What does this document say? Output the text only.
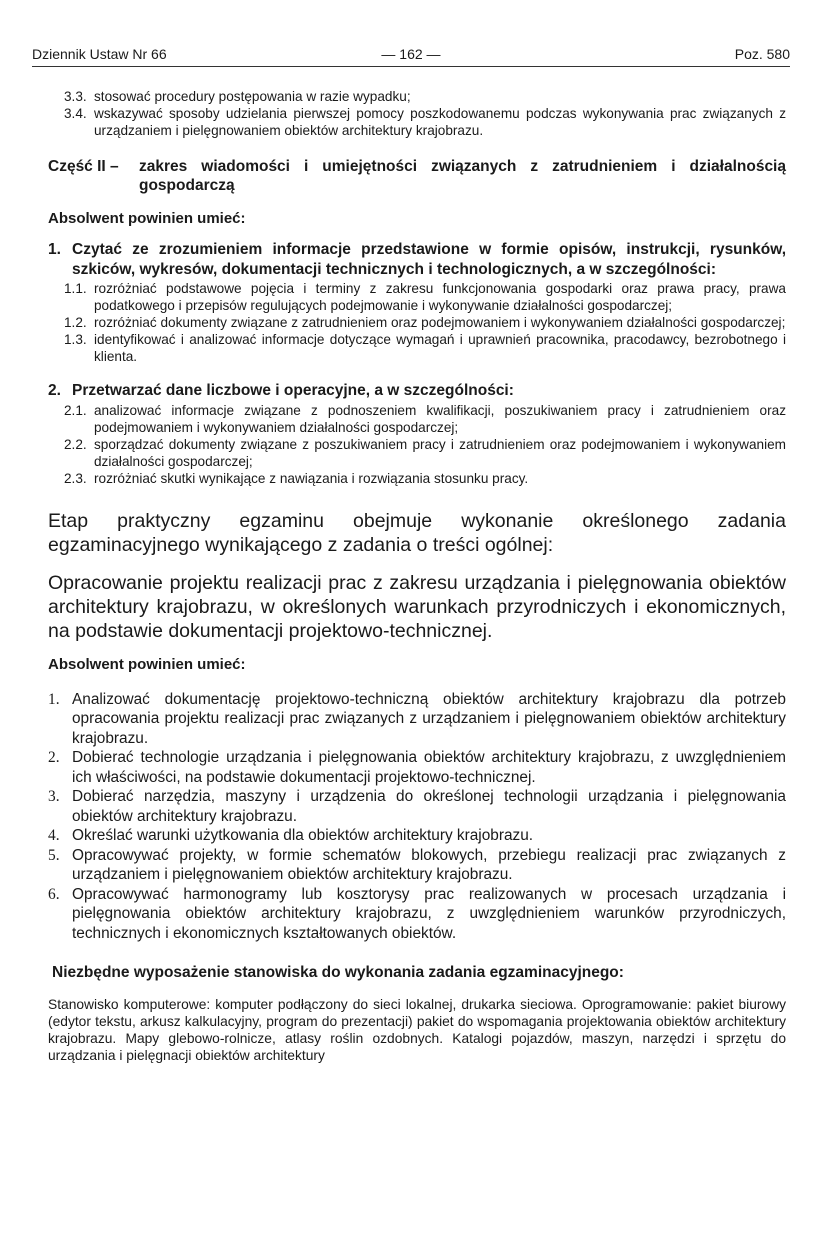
Dziennik Ustaw Nr 66	— 162 —	Poz. 580
3.3. stosować procedury postępowania w razie wypadku;
3.4. wskazywać sposoby udzielania pierwszej pomocy poszkodowanemu podczas wykonywania prac związanych z urządzaniem i pielęgnowaniem obiektów architektury krajobrazu.
Część II –	zakres wiadomości i umiejętności związanych z zatrudnieniem i działalnością gospodarczą
Absolwent powinien umieć:
1. Czytać ze zrozumieniem informacje przedstawione w formie opisów, instrukcji, rysunków, szkiców, wykresów, dokumentacji technicznych i technologicznych, a w szczególności:
1.1. rozróżniać podstawowe pojęcia i terminy z zakresu funkcjonowania gospodarki oraz prawa pracy, prawa podatkowego i przepisów regulujących podejmowanie i wykonywanie działalności gospodarczej;
1.2. rozróżniać dokumenty związane z zatrudnieniem oraz podejmowaniem i wykonywaniem działalności gospodarczej;
1.3. identyfikować i analizować informacje dotyczące wymagań i uprawnień pracownika, pracodawcy, bezrobotnego i klienta.
2. Przetwarzać dane liczbowe i operacyjne, a w szczególności:
2.1. analizować informacje związane z podnoszeniem kwalifikacji, poszukiwaniem pracy i zatrudnieniem oraz podejmowaniem i wykonywaniem działalności gospodarczej;
2.2. sporządzać dokumenty związane z poszukiwaniem pracy i zatrudnieniem oraz podejmowaniem i wykonywaniem działalności gospodarczej;
2.3. rozróżniać skutki wynikające z nawiązania i rozwiązania stosunku pracy.
Etap praktyczny egzaminu obejmuje wykonanie określonego zadania egzaminacyjnego wynikającego z zadania o treści ogólnej:
Opracowanie projektu realizacji prac z zakresu urządzania i pielęgnowania obiektów architektury krajobrazu, w określonych warunkach przyrodniczych i ekonomicznych, na podstawie dokumentacji projektowo-technicznej.
Absolwent powinien umieć:
1. Analizować dokumentację projektowo-techniczną obiektów architektury krajobrazu dla potrzeb opracowania projektu realizacji prac związanych z urządzaniem i pielęgnowaniem obiektów architektury krajobrazu.
2. Dobierać technologie urządzania i pielęgnowania obiektów architektury krajobrazu, z uwzględnieniem ich właściwości, na podstawie dokumentacji projektowo-technicznej.
3. Dobierać narzędzia, maszyny i urządzenia do określonej technologii urządzania i pielęgnowania obiektów architektury krajobrazu.
4. Określać warunki użytkowania dla obiektów architektury krajobrazu.
5. Opracowywać projekty, w formie schematów blokowych, przebiegu realizacji prac związanych z urządzaniem i pielęgnowaniem obiektów architektury krajobrazu.
6. Opracowywać harmonogramy lub kosztorysy prac realizowanych w procesach urządzania i pielęgnowania obiektów architektury krajobrazu, z uwzględnieniem warunków przyrodniczych, technicznych i ekonomicznych kształtowanych obiektów.
Niezbędne wyposażenie stanowiska do wykonania zadania egzaminacyjnego:
Stanowisko komputerowe: komputer podłączony do sieci lokalnej, drukarka sieciowa. Oprogramowanie: pakiet biurowy (edytor tekstu, arkusz kalkulacyjny, program do prezentacji) pakiet do wspomagania projektowania obiektów architektury krajobrazu. Mapy glebowo-rolnicze, atlasy roślin ozdobnych. Katalogi pojazdów, maszyn, narzędzi i sprzętu do urządzania i pielęgnacji obiektów architektury
